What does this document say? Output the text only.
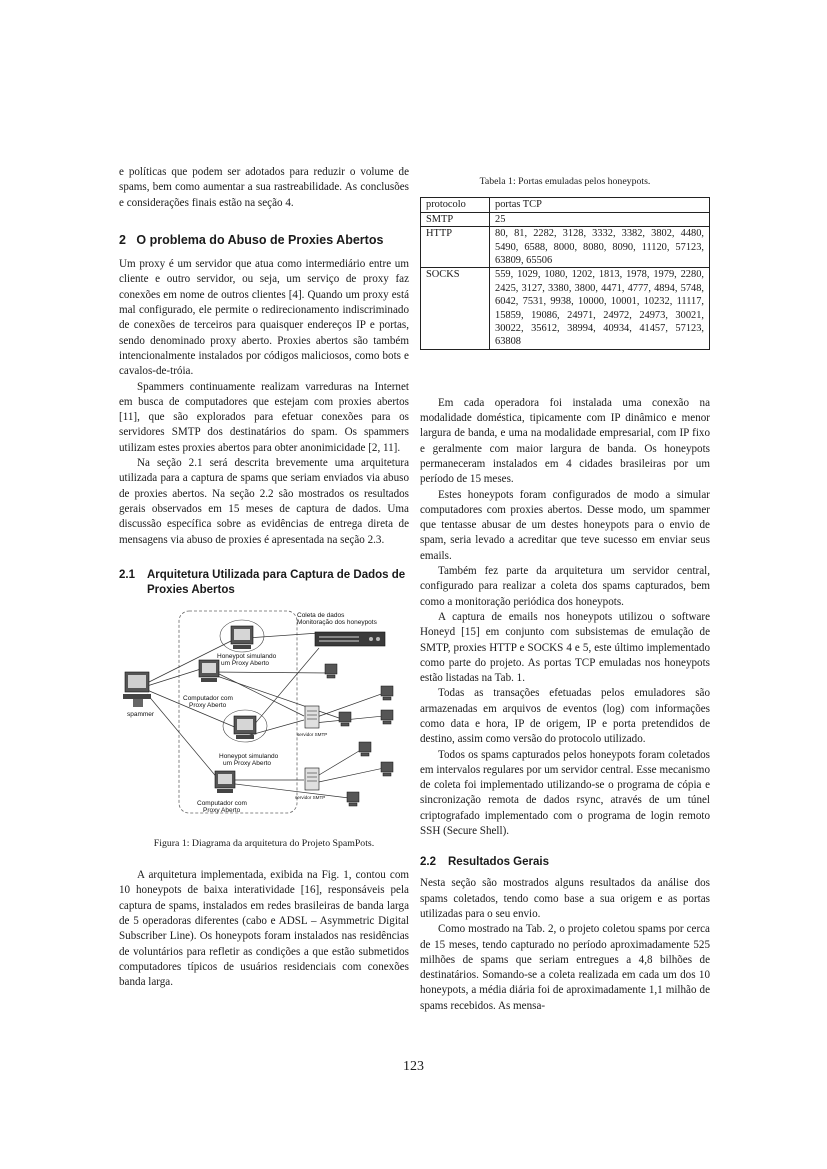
e políticas que podem ser adotados para reduzir o volume de spams, bem como aumentar a sua rastreabilidade. As conclusões e considerações finais estão na seção 4.

2 O problema do Abuso de Proxies Abertos

Um proxy é um servidor que atua como intermediário entre um cliente e outro servidor, ou seja, um serviço de proxy faz conexões em nome de outros clientes [4]. Quando um proxy está mal configurado, ele permite o redirecionamento indiscriminado de conexões de terceiros para quaisquer endereços IP e portas, sendo denominado proxy aberto. Proxies abertos são também intencionalmente instalados por códigos maliciosos, como bots e cavalos-de-tróia.

Spammers continuamente realizam varreduras na Internet em busca de computadores que estejam com proxies abertos [11], que são explorados para efetuar conexões para os servidores SMTP dos destinatários do spam. Os spammers utilizam estes proxies abertos para obter anonimicidade [2, 11].

Na seção 2.1 será descrita brevemente uma arquitetura utilizada para a captura de spams que seriam enviados via abuso de proxies abertos. Na seção 2.2 são mostrados os resultados gerais observados em 15 meses de captura de dados. Uma discussão específica sobre as evidências de entrega direta de mensagens via abuso de proxies é apresentada na seção 2.3.

2.1	Arquitetura Utilizada para Captura de Dados de Proxies Abertos
spammer
Honeypot simulando
um Proxy Aberto
Computador com
Proxy Aberto
Honeypot simulando
um Proxy Aberto
Computador com
Proxy Aberto
Coleta de dados
Monitoração dos honeypots
servidor SMTP
servidor SMTP
Figura 1: Diagrama da arquitetura do Projeto SpamPots.

A arquitetura implementada, exibida na Fig. 1, contou com 10 honeypots de baixa interatividade [16], responsáveis pela captura de spams, instalados em redes brasileiras de banda larga de 5 operadoras diferentes (cabo e ADSL – Asymmetric Digital Subscriber Line). Os honeypots foram instalados nas residências de voluntários para refletir as condições a que estão submetidos computadores típicos de usuários residenciais com conexões banda larga.

Tabela 1: Portas emuladas pelos honeypots.
protocolo	portas TCP
SMTP	25
HTTP	80, 81, 2282, 3128, 3332, 3382, 3802, 4480, 5490, 6588, 8000, 8080, 8090, 11120, 57123, 63809, 65506
SOCKS	559, 1029, 1080, 1202, 1813, 1978, 1979, 2280, 2425, 3127, 3380, 3800, 4471, 4777, 4894, 5748, 6042, 7531, 9938, 10000, 10001, 10232, 11117, 15859, 19086, 24971, 24972, 24973, 30021, 30022, 35612, 38994, 40934, 41457, 57123, 63808

Em cada operadora foi instalada uma conexão na modalidade doméstica, tipicamente com IP dinâmico e menor largura de banda, e uma na modalidade empresarial, com IP fixo e geralmente com maior largura de banda. Os honeypots permaneceram instalados em 4 cidades brasileiras por um período de 15 meses.

Estes honeypots foram configurados de modo a simular computadores com proxies abertos. Desse modo, um spammer que tentasse abusar de um destes honeypots para o envio de spam, seria levado a acreditar que teve sucesso em enviar seus emails.

Também fez parte da arquitetura um servidor central, configurado para realizar a coleta dos spams capturados, bem como a monitoração periódica dos honeypots.

A captura de emails nos honeypots utilizou o software Honeyd [15] em conjunto com subsistemas de emulação de SMTP, proxies HTTP e SOCKS 4 e 5, este último implementado como parte do projeto. As portas TCP emuladas nos honeypots estão listadas na Tab. 1.

Todas as transações efetuadas pelos emuladores são armazenadas em arquivos de eventos (log) com informações como data e hora, IP de origem, IP e porta pretendidos de destino, assim como versão do protocolo utilizado.

Todos os spams capturados pelos honeypots foram coletados em intervalos regulares por um servidor central. Esse mecanismo de coleta foi implementado utilizando-se o programa de cópia e sincronização remota de dados rsync, através de um túnel criptografado implementado com o programa de login remoto SSH (Secure Shell).

2.2	Resultados Gerais

Nesta seção são mostrados alguns resultados da análise dos spams coletados, tendo como base a sua origem e as portas utilizadas para o seu envio.

Como mostrado na Tab. 2, o projeto coletou spams por cerca de 15 meses, tendo capturado no período aproximadamente 525 milhões de spams que seriam entregues a 4,8 bilhões de destinatários. Somando-se a coleta realizada em cada um dos 10 honeypots, a média diária foi de aproximadamente 1,1 milhão de spams recebidos. As mensa-

123
